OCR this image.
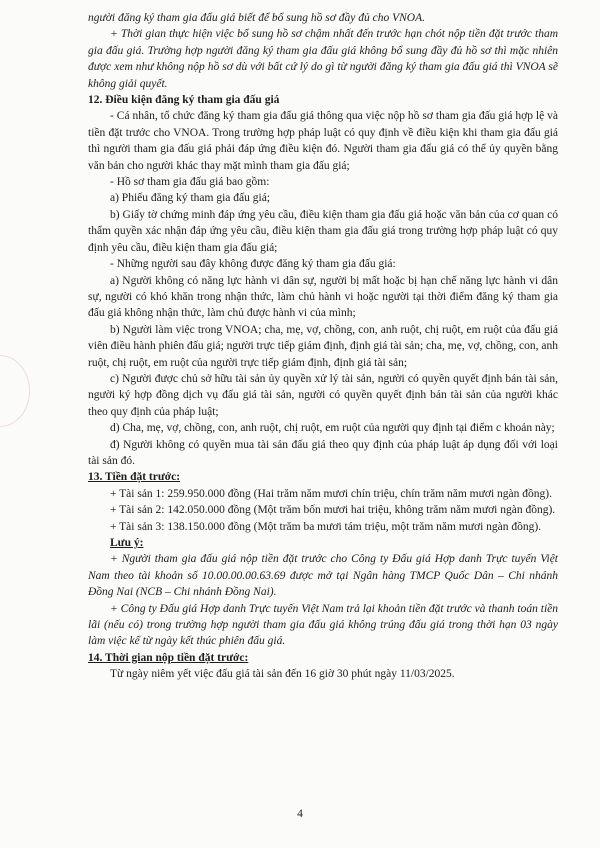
người đăng ký tham gia đấu giá biết để bổ sung hồ sơ đầy đủ cho VNOA.

+ Thời gian thực hiện việc bổ sung hồ sơ chậm nhất đến trước hạn chót nộp tiền đặt trước tham gia đấu giá. Trường hợp người đăng ký tham gia đấu giá không bổ sung đầy đủ hồ sơ thì mặc nhiên được xem như không nộp hồ sơ dù với bất cứ lý do gì từ người đăng ký tham gia đấu giá thì VNOA sẽ không giải quyết.

12. Điều kiện đăng ký tham gia đấu giá

- Cá nhân, tổ chức đăng ký tham gia đấu giá thông qua việc nộp hồ sơ tham gia đấu giá hợp lệ và tiền đặt trước cho VNOA. Trong trường hợp pháp luật có quy định về điều kiện khi tham gia đấu giá thì người tham gia đấu giá phải đáp ứng điều kiện đó. Người tham gia đấu giá có thể ủy quyền bằng văn bản cho người khác thay mặt mình tham gia đấu giá;

- Hồ sơ tham gia đấu giá bao gồm:

a) Phiếu đăng ký tham gia đấu giá;

b) Giấy tờ chứng minh đáp ứng yêu cầu, điều kiện tham gia đấu giá hoặc văn bản của cơ quan có thẩm quyền xác nhận đáp ứng yêu cầu, điều kiện tham gia đấu giá trong trường hợp pháp luật có quy định yêu cầu, điều kiện tham gia đấu giá;

- Những người sau đây không được đăng ký tham gia đấu giá:

a) Người không có năng lực hành vi dân sự, người bị mất hoặc bị hạn chế năng lực hành vi dân sự, người có khó khăn trong nhận thức, làm chủ hành vi hoặc người tại thời điểm đăng ký tham gia đấu giá không nhận thức, làm chủ được hành vi của mình;

b) Người làm việc trong VNOA; cha, mẹ, vợ, chồng, con, anh ruột, chị ruột, em ruột của đấu giá viên điều hành phiên đấu giá; người trực tiếp giám định, định giá tài sản; cha, mẹ, vợ, chồng, con, anh ruột, chị ruột, em ruột của người trực tiếp giám định, định giá tài sản;

c) Người được chủ sở hữu tài sản ủy quyền xử lý tài sản, người có quyền quyết định bán tài sản, người ký hợp đồng dịch vụ đấu giá tài sản, người có quyền quyết định bán tài sản của người khác theo quy định của pháp luật;

d) Cha, mẹ, vợ, chồng, con, anh ruột, chị ruột, em ruột của người quy định tại điểm c khoản này;

đ) Người không có quyền mua tài sản đấu giá theo quy định của pháp luật áp dụng đối với loại tài sản đó.

13. Tiền đặt trước:

+ Tài sản 1: 259.950.000 đồng (Hai trăm năm mươi chín triệu, chín trăm năm mươi ngàn đồng).

+ Tài sản 2: 142.050.000 đồng (Một trăm bốn mươi hai triệu, không trăm năm mươi ngàn đồng).

+ Tài sản 3: 138.150.000 đồng (Một trăm ba mươi tám triệu, một trăm năm mươi ngàn đồng).

Lưu ý:

+ Người tham gia đấu giá nộp tiền đặt trước cho Công ty Đấu giá Hợp danh Trực tuyến Việt Nam theo tài khoản số 10.00.00.00.63.69 được mở tại Ngân hàng TMCP Quốc Dân – Chi nhánh Đồng Nai (NCB – Chi nhánh Đồng Nai).

+ Công ty Đấu giá Hợp danh Trực tuyến Việt Nam trả lại khoản tiền đặt trước và thanh toán tiền lãi (nếu có) trong trường hợp người tham gia đấu giá không trúng đấu giá trong thời hạn 03 ngày làm việc kể từ ngày kết thúc phiên đấu giá.

14. Thời gian nộp tiền đặt trước:

Từ ngày niêm yết việc đấu giá tài sản đến 16 giờ 30 phút ngày 11/03/2025.

4
